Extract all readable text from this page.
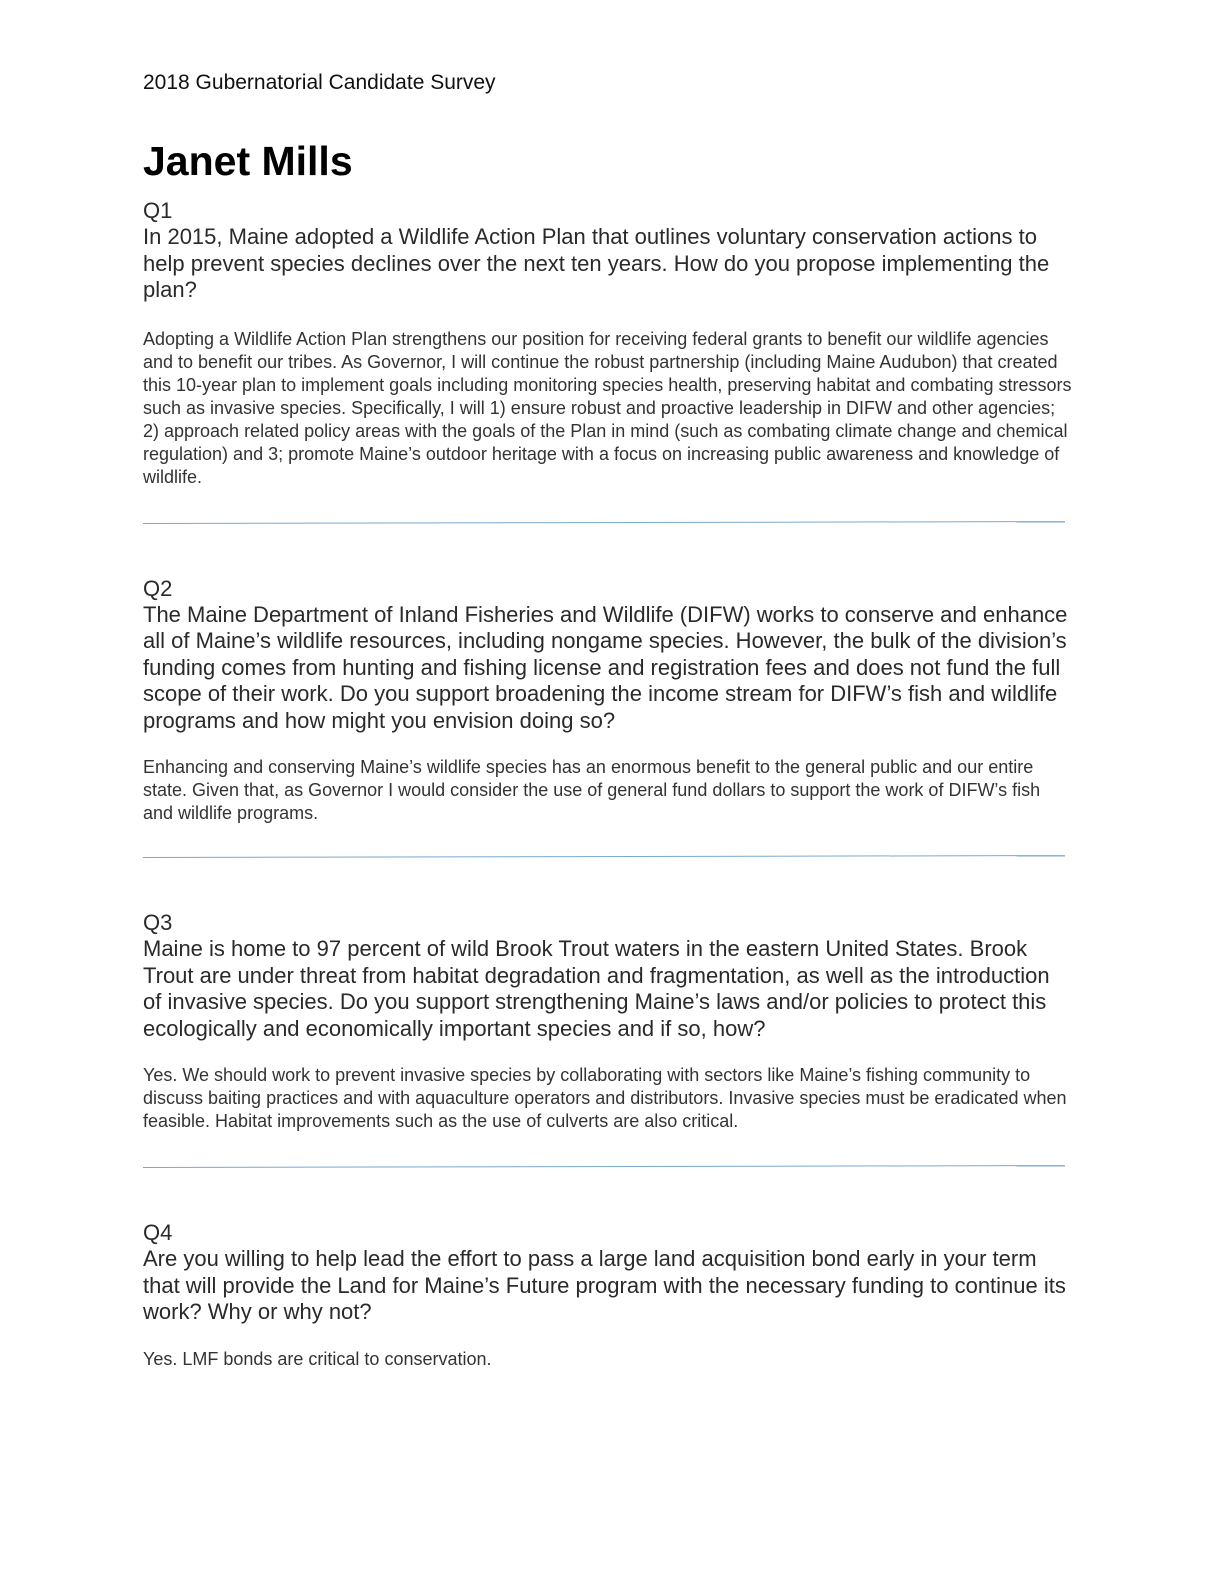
2018 Gubernatorial Candidate Survey

Janet Mills

Q1

In 2015, Maine adopted a Wildlife Action Plan that outlines voluntary conservation actions to help prevent species declines over the next ten years. How do you propose implementing the plan?

Adopting a Wildlife Action Plan strengthens our position for receiving federal grants to benefit our wildlife agencies and to benefit our tribes. As Governor, I will continue the robust partnership (including Maine Audubon) that created this 10-year plan to implement goals including monitoring species health, preserving habitat and combating stressors such as invasive species. Specifically, I will 1) ensure robust and proactive leadership in DIFW and other agencies; 2) approach related policy areas with the goals of the Plan in mind (such as combating climate change and chemical regulation) and 3; promote Maine’s outdoor heritage with a focus on increasing public awareness and knowledge of wildlife.

Q2

The Maine Department of Inland Fisheries and Wildlife (DIFW) works to conserve and enhance all of Maine’s wildlife resources, including nongame species. However, the bulk of the division’s funding comes from hunting and fishing license and registration fees and does not fund the full scope of their work. Do you support broadening the income stream for DIFW’s fish and wildlife programs and how might you envision doing so?

Enhancing and conserving Maine’s wildlife species has an enormous benefit to the general public and our entire state. Given that, as Governor I would consider the use of general fund dollars to support the work of DIFW’s fish and wildlife programs.

Q3

Maine is home to 97 percent of wild Brook Trout waters in the eastern United States. Brook Trout are under threat from habitat degradation and fragmentation, as well as the introduction of invasive species. Do you support strengthening Maine’s laws and/or policies to protect this ecologically and economically important species and if so, how?

Yes. We should work to prevent invasive species by collaborating with sectors like Maine’s fishing community to discuss baiting practices and with aquaculture operators and distributors. Invasive species must be eradicated when feasible. Habitat improvements such as the use of culverts are also critical.

Q4

Are you willing to help lead the effort to pass a large land acquisition bond early in your term that will provide the Land for Maine’s Future program with the necessary funding to continue its work? Why or why not?

Yes. LMF bonds are critical to conservation.
